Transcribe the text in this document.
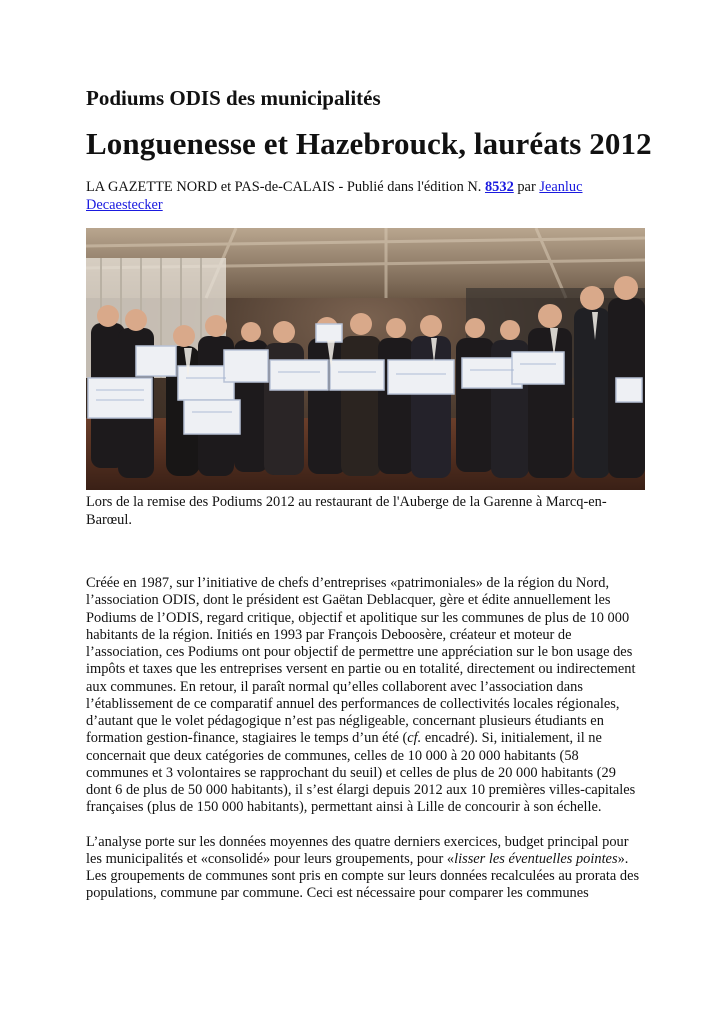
Podiums ODIS des municipalités
Longuenesse et Hazebrouck, lauréats 2012
LA GAZETTE NORD et PAS-de-CALAIS - Publié dans l'édition N. 8532 par Jeanluc Decaestecker
Lors de la remise des Podiums 2012 au restaurant de l'Auberge de la Garenne à Marcq-en-Barœul.

Créée en 1987, sur l’initiative de chefs d’entreprises «patrimoniales» de la région du Nord, l’association ODIS, dont le président est Gaëtan Deblacquer, gère et édite annuellement les Podiums de l’ODIS, regard critique, objectif et apolitique sur les communes de plus de 10 000 habitants de la région. Initiés en 1993 par François Deboosère, créateur et moteur de l’association, ces Podiums ont pour objectif de permettre une appréciation sur le bon usage des impôts et taxes que les entreprises versent en partie ou en totalité, directement ou indirectement aux communes. En retour, il paraît normal qu’elles collaborent avec l’association dans l’établissement de ce comparatif annuel des performances de collectivités locales régionales, d’autant que le volet pédagogique n’est pas négligeable, concernant plusieurs étudiants en formation gestion-finance, stagiaires le temps d’un été (cf. encadré). Si, initialement, il ne concernait que deux catégories de communes, celles de 10 000 à 20 000 habitants (58 communes et 3 volontaires se rapprochant du seuil) et celles de plus de 20 000 habitants (29 dont 6 de plus de 50 000 habitants), il s’est élargi depuis 2012 aux 10 premières villes-capitales françaises (plus de 150 000 habitants), permettant ainsi à Lille de concourir à son échelle.

L’analyse porte sur les données moyennes des quatre derniers exercices, budget principal pour les municipalités et «consolidé» pour leurs groupements, pour «lisser les éventuelles pointes». Les groupements de communes sont pris en compte sur leurs données recalculées au prorata des populations, commune par commune. Ceci est nécessaire pour comparer les communes
